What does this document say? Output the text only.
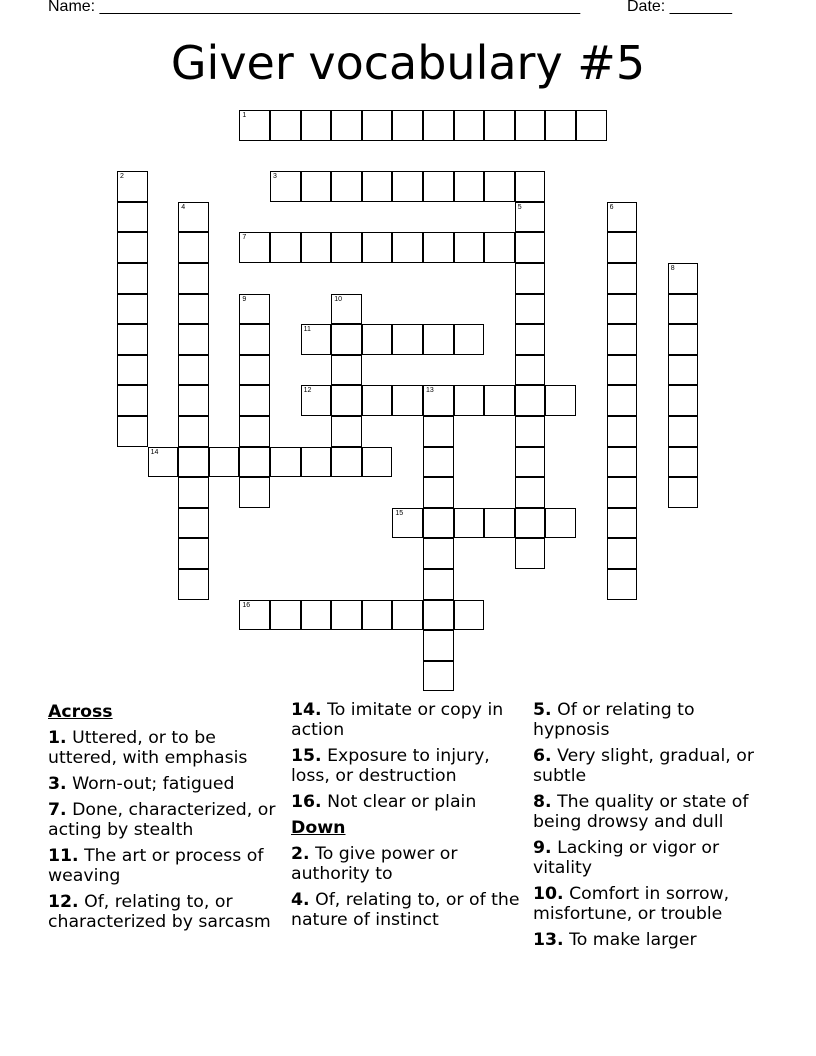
Name: ______________________________________________________	Date: _______
Giver vocabulary #5
1
2	3
4	5	6
7
8
9	10
11
12	13
14
15
16
Across
1. Uttered, or to be uttered, with emphasis
3. Worn-out; fatigued
7. Done, characterized, or acting by stealth
11. The art or process of weaving
12. Of, relating to, or characterized by sarcasm
14. To imitate or copy in action
15. Exposure to injury, loss, or destruction
16. Not clear or plain
Down
2. To give power or authority to
4. Of, relating to, or of the nature of instinct
5. Of or relating to hypnosis
6. Very slight, gradual, or subtle
8. The quality or state of being drowsy and dull
9. Lacking or vigor or vitality
10. Comfort in sorrow, misfortune, or trouble
13. To make larger
